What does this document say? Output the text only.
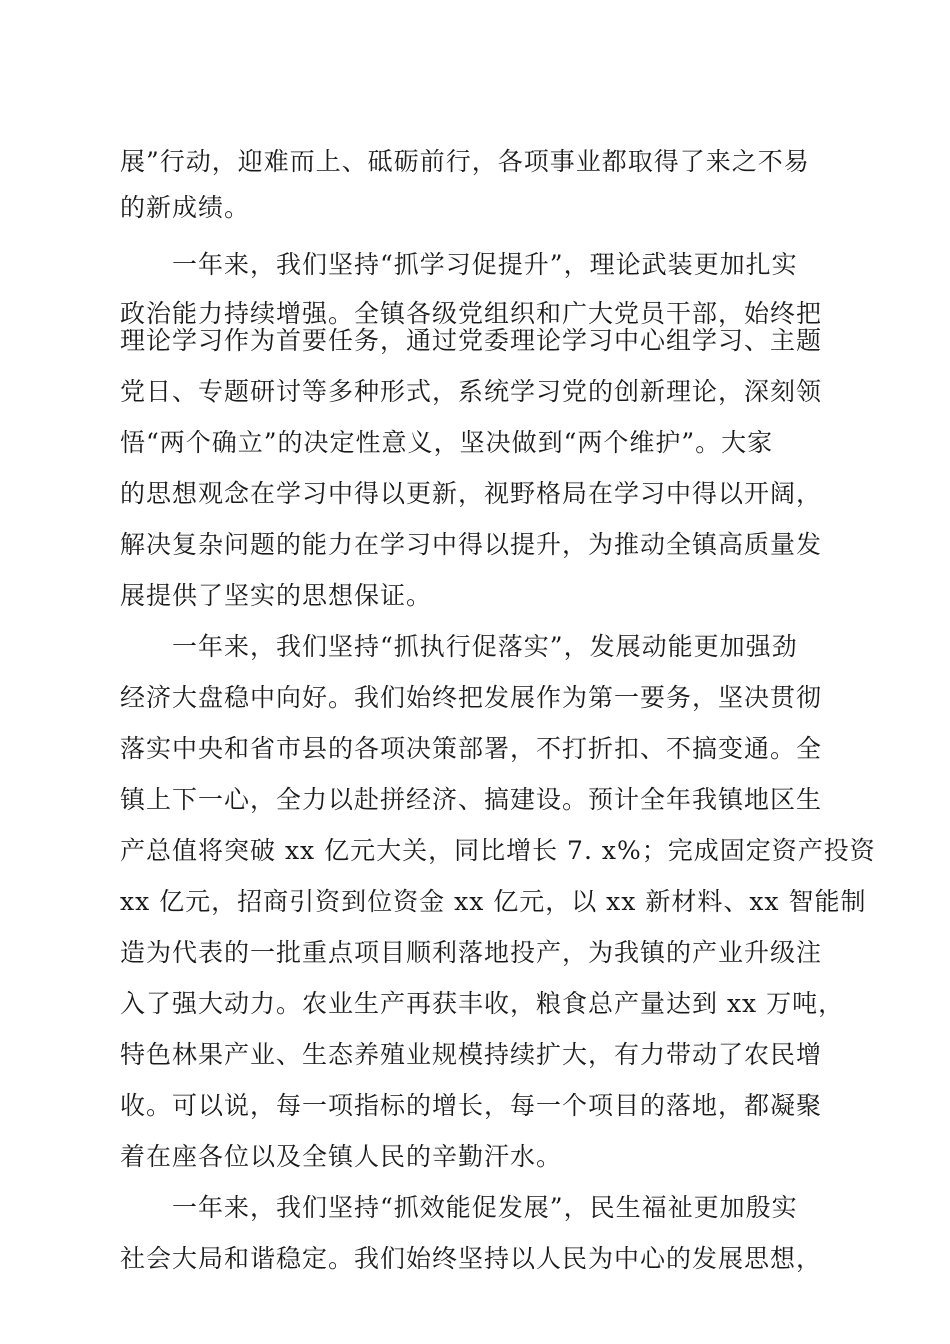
展”行动，迎难而上、砥砺前行，各项事业都取得了来之不易
的新成绩。
一年来，我们坚持“抓学习促提升”，理论武装更加扎实
政治能力持续增强。全镇各级党组织和广大党员干部，始终把
理论学习作为首要任务，通过党委理论学习中心组学习、主题
党日、专题研讨等多种形式，系统学习党的创新理论，深刻领
悟“两个确立”的决定性意义，坚决做到“两个维护”。大家
的思想观念在学习中得以更新，视野格局在学习中得以开阔，
解决复杂问题的能力在学习中得以提升，为推动全镇高质量发
展提供了坚实的思想保证。
一年来，我们坚持“抓执行促落实”，发展动能更加强劲
经济大盘稳中向好。我们始终把发展作为第一要务，坚决贯彻
落实中央和省市县的各项决策部署，不打折扣、不搞变通。全
镇上下一心，全力以赴拼经济、搞建设。预计全年我镇地区生
产总值将突破 xx 亿元大关，同比增长 7. x%；完成固定资产投资
xx 亿元，招商引资到位资金 xx 亿元，以 xx 新材料、xx 智能制
造为代表的一批重点项目顺利落地投产，为我镇的产业升级注
入了强大动力。农业生产再获丰收，粮食总产量达到 xx 万吨，
特色林果产业、生态养殖业规模持续扩大，有力带动了农民增
收。可以说，每一项指标的增长，每一个项目的落地，都凝聚
着在座各位以及全镇人民的辛勤汗水。
一年来，我们坚持“抓效能促发展”，民生福祉更加殷实
社会大局和谐稳定。我们始终坚持以人民为中心的发展思想，
